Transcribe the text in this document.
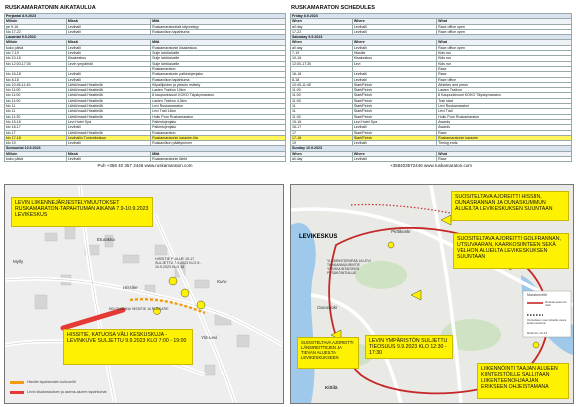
RUSKAMARATONIN AIKATAULUA
Perjantai 8.9.2023		
Milloin	Missä	Mitä
pe 9-16	Levihalli	Ruskamaratonilaä käynnistyy
klo 17-22	Levihalli	Ruskaviikon tapahtuma
Lauantai 9.9.2023		
Milloin	Missä	Mitä
koko päivä	Levihalli	Ruskamaratonin kisakeskus
klo 7-19	Levihalli	Sulje lahtöaluelle
klo 10-16	Kisakeskus	Sulje lahtöaluelle
klo 12:00-17:30	Levin ympäristö	Sulje lahtöaluelle
		Ruskamaraton
klo 16-18	Levihalli	Ruskamaratonin palkintojenjako
klo 8-18	Levihalli	Ruskaviikon tapahtuma
klo 10:45-11:45	Lähtö/maali Hissitiellä	Kilpailijoiden ja yleisön esittely
klo 11:00	Lähtö/maali Hissitiellä	Lasten Trailrun 10km
klo 11:00	Lähtö/maali Hissitiellä	8 kaupunkivuori KOKO Täyskymaraton
klo 11:00	Lähtö/maali Hissitiellä	Lasten Trailrun 4,5km
klo 11	Lähtö/maali Hissitiellä	Levi Ruskamaraton
klo 11	Lähtö/maali Hissitiellä	Levi Trail 14km
klo 11:30	Lähtö/maali Hissitiellä	Hullu Poro Ruskamaraton
klo 15-16	Levi Hotel Spa	Palkintojenjako
klo 16-17	Levihalli	Palkintojenjako
klo 17	Lähtö/maali Hissitiellä	Ruskamaraton
klo 17-18	Levihallin Tunturikeskus	Ruskamaratonin karaoke-ilta
klo 19	Levihalli	Ruskaviikon päättyminen
Sunnuntai 10.9.2023		
Milloin	Missä	Mitä
koko päivä	Levihalli	Ruskamaratonin lähtö
Puh +358 40 357 2446 www.ruskamaraton.com
RUSKAMARATON SCHEDULES
Friday 8.9.2023		
When	Where	What
all day	Levihalli	Race office open
17-22	Levihalli	Race office open
Saturday 9.9.2023		
When	Where	What
all day	Levihalli	Race office open
7-19	Hissitie	Kids run
10-16	Kisakeskus	Kids run
12:00-17:30	Levi	Kids run
		Race
16-18	Levihalli	Race
8-18	Levihalli	Race office
10:45-11:45	Start/Finish	Athletes and press
11:00	Start/Finish	Lasten Trailrun
11:00	Start/Finish	8 Kaupunkivuori KOKO Täyskymaraton
11:00	Start/Finish	Trail start
11	Start/Finish	Levi Ruskamaraton
11	Start/Finish	Levi Trail
11:30	Start/Finish	Hullu Poro Ruskamaraton
15-16	Levi Hotel Spa	Awards
16-17	Levihalli	Awards
17	Start/Finish	Race
17-18	Start/Finish	Ruskamaratonin karaoke
19	Levihalli	Timing ends
Sunday 10.9.2023		
When	Where	What
all day	Levihalli	Race
+358403572446 www.ruskamaraton.com
LEVIN LIIKENNEJÄRJESTELYMUUTOKSET RUSKAMARATON-TAPAHTUMAN AIKANA 7.9-10.9.2023 LEVIKESKUS
HISSITIE, KATUOSA VÄLI KESKUSKUJA - LEVINKUVE SULJETTU 9.9.2023 KLO 7:00 - 19:00
Eturakka
Mylly
Ylä-Levi
Kuru
Hissitie
HISSITIE P-ALUE 15-17 SULJETTU 7.9.2023 KLO 8 - 10.9.2023 KLO 18
KELOHONKA/ HISSITIE JA RUSKATIE
Hissitie tapahtumien kulkureitti
Levin kisakeskuksen ja asema-alueen tapahtumat
SUOSITELTAVA AJOREITTI HISSIIN, OUNASRANNAN JA OUNASKUMMUN ALUEILTA LEVIKESKUKSEN SUUNTAAN
SUOSITELTAVA AJOREITTI GOLFRANNAN, UTSUVAARAN, KAARKOSIINTEEN SEKÄ VELHON ALUEILTA LEVIKESKUKSEN SUUNTAAN
LEVIN YMPÄRISTÖN SULJETTU TIEOSUUS 9.9.2023 KLO 12:30 - 17:30
LIIKENNÖINTI TAAJAN ALUEEN KIINTEISTÖILLE SALLITAAN LIIKENTEENOHJAAJAN ERIKSEEN OHJEISTAMANA
SUOSITELTAVA AJOREITTI LÄNSIREITTEJEN JA TIEVAN ALUEILTA LEVIKESKUKSEEN
LEVIKESKUS
Kittilä
Ounasjoki
Pirttikoski
YLÖSRINTEENPÄÄ JA LEVI TAIVAANMUURINTIE YKSISUUNTAISEKSI PYSÄKÖINTIALUE
Maratonreitti
Ruskamaratonin reitti
Ouheiltaan suunnitteilla oleva kulkumerkintä
Reitti klo 12-13
